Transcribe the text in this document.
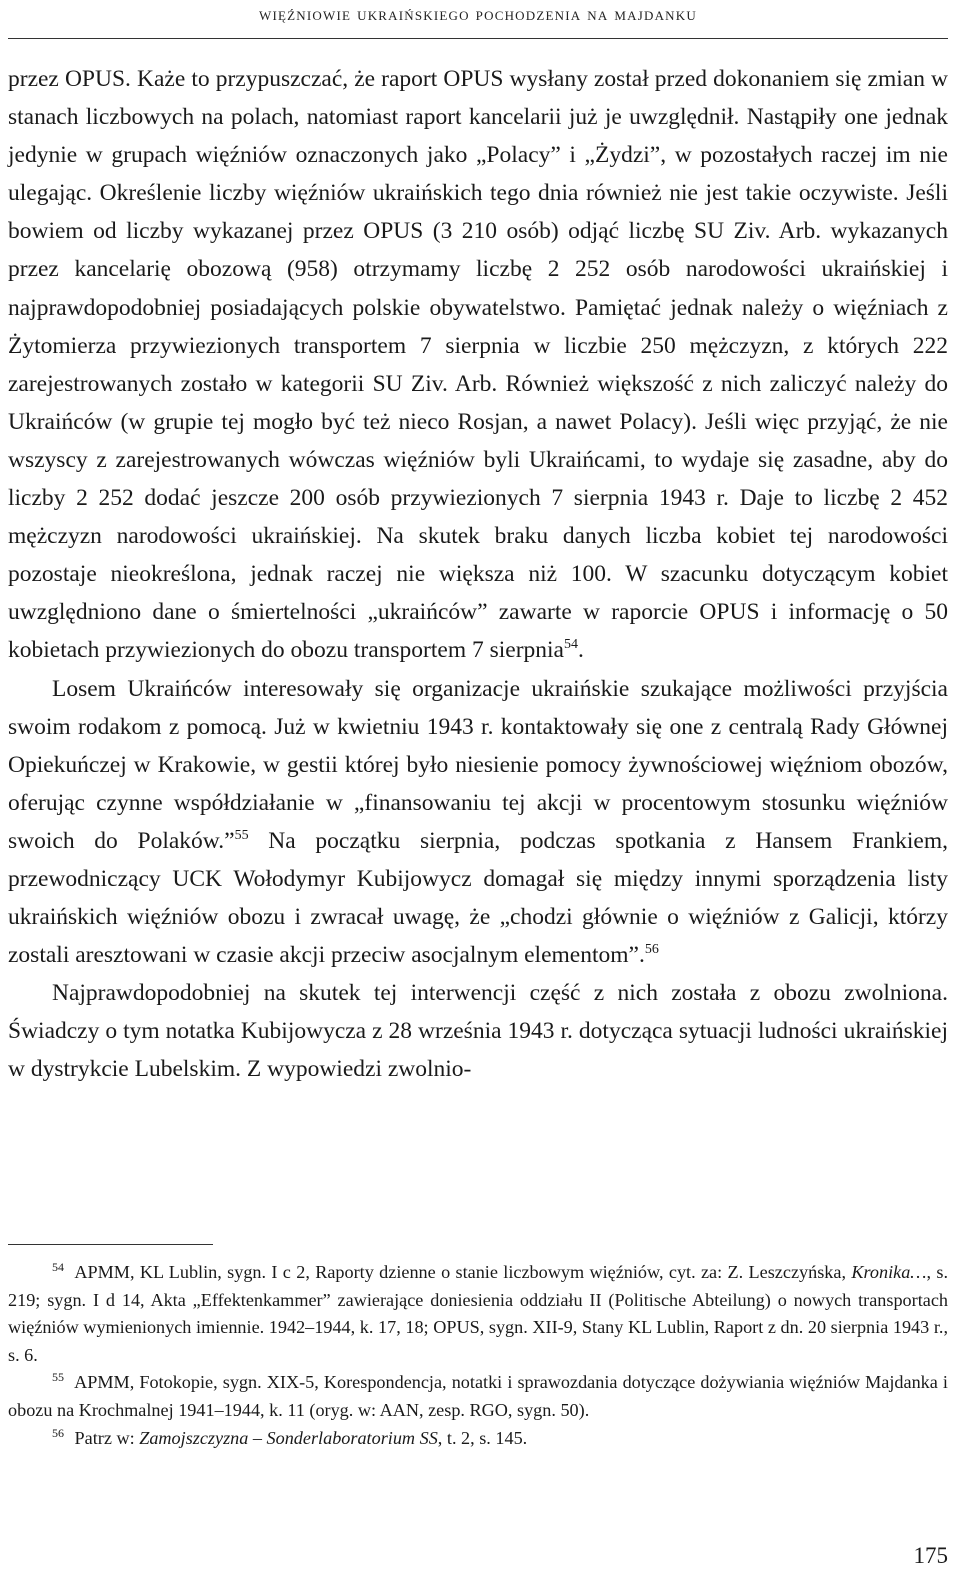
więźniowie ukraińskiego pochodzenia na majdanku

przez OPUS. Każe to przypuszczać, że raport OPUS wysłany został przed dokonaniem się zmian w stanach liczbowych na polach, natomiast raport kancelarii już je uwzględnił. Nastąpiły one jednak jedynie w grupach więźniów oznaczonych jako „Polacy” i „Żydzi”, w pozostałych raczej im nie ulegając. Określenie liczby więźniów ukraińskich tego dnia również nie jest takie oczywiste. Jeśli bowiem od liczby wykazanej przez OPUS (3 210 osób) odjąć liczbę SU Ziv. Arb. wykazanych przez kancelarię obozową (958) otrzymamy liczbę 2 252 osób narodowości ukraińskiej i najprawdopodobniej posiadających polskie obywatelstwo. Pamiętać jednak należy o więźniach z Żytomierza przywiezionych transportem 7 sierpnia w liczbie 250 mężczyzn, z których 222 zarejestrowanych zostało w kategorii SU Ziv. Arb. Również większość z nich zaliczyć należy do Ukraińców (w grupie tej mogło być też nieco Rosjan, a nawet Polacy). Jeśli więc przyjąć, że nie wszyscy z zarejestrowanych wówczas więźniów byli Ukraińcami, to wydaje się zasadne, aby do liczby 2 252 dodać jeszcze 200 osób przywiezionych 7 sierpnia 1943 r. Daje to liczbę 2 452 mężczyzn narodowości ukraińskiej. Na skutek braku danych liczba kobiet tej narodowości pozostaje nieokreślona, jednak raczej nie większa niż 100. W szacunku dotyczącym kobiet uwzględniono dane o śmiertelności „ukraińców” zawarte w raporcie OPUS i informację o 50 kobietach przywiezionych do obozu transportem 7 sierpnia$^{54}$.

Losem Ukraińców interesowały się organizacje ukraińskie szukające możliwości przyjścia swoim rodakom z pomocą. Już w kwietniu 1943 r. kontaktowały się one z centralą Rady Głównej Opiekuńczej w Krakowie, w gestii której było niesienie pomocy żywnościowej więźniom obozów, oferując czynne współdziałanie w „finansowaniu tej akcji w procentowym stosunku więźniów swoich do Polaków.”$^{55}$ Na początku sierpnia, podczas spotkania z Hansem Frankiem, przewodniczący UCK Wołodymyr Kubijowycz domagał się między innymi sporządzenia listy ukraińskich więźniów obozu i zwracał uwagę, że „chodzi głównie o więźniów z Galicji, którzy zostali aresztowani w czasie akcji przeciw asocjalnym elementom”.$^{56}$

Najprawdopodobniej na skutek tej interwencji część z nich została z obozu zwolniona. Świadczy o tym notatka Kubijowycza z 28 września 1943 r. dotycząca sytuacji ludności ukraińskiej w dystrykcie Lubelskim. Z wypowiedzi zwolnio-

$^{54}$ APMM, KL Lublin, sygn. I c 2, Raporty dzienne o stanie liczbowym więźniów, cyt. za: Z. Leszczyńska, Kronika…, s. 219; sygn. I d 14, Akta „Effektenkammer” zawierające doniesienia oddziału II (Politische Abteilung) o nowych transportach więźniów wymienionych imiennie. 1942–1944, k. 17, 18; OPUS, sygn. XII-9, Stany KL Lublin, Raport z dn. 20 sierpnia 1943 r., s. 6.

$^{55}$ APMM, Fotokopie, sygn. XIX-5, Korespondencja, notatki i sprawozdania dotyczące dożywiania więźniów Majdanka i obozu na Krochmalnej 1941–1944, k. 11 (oryg. w: AAN, zesp. RGO, sygn. 50).

$^{56}$ Patrz w: Zamojszczyzna – Sonderlaboratorium SS, t. 2, s. 145.

175
